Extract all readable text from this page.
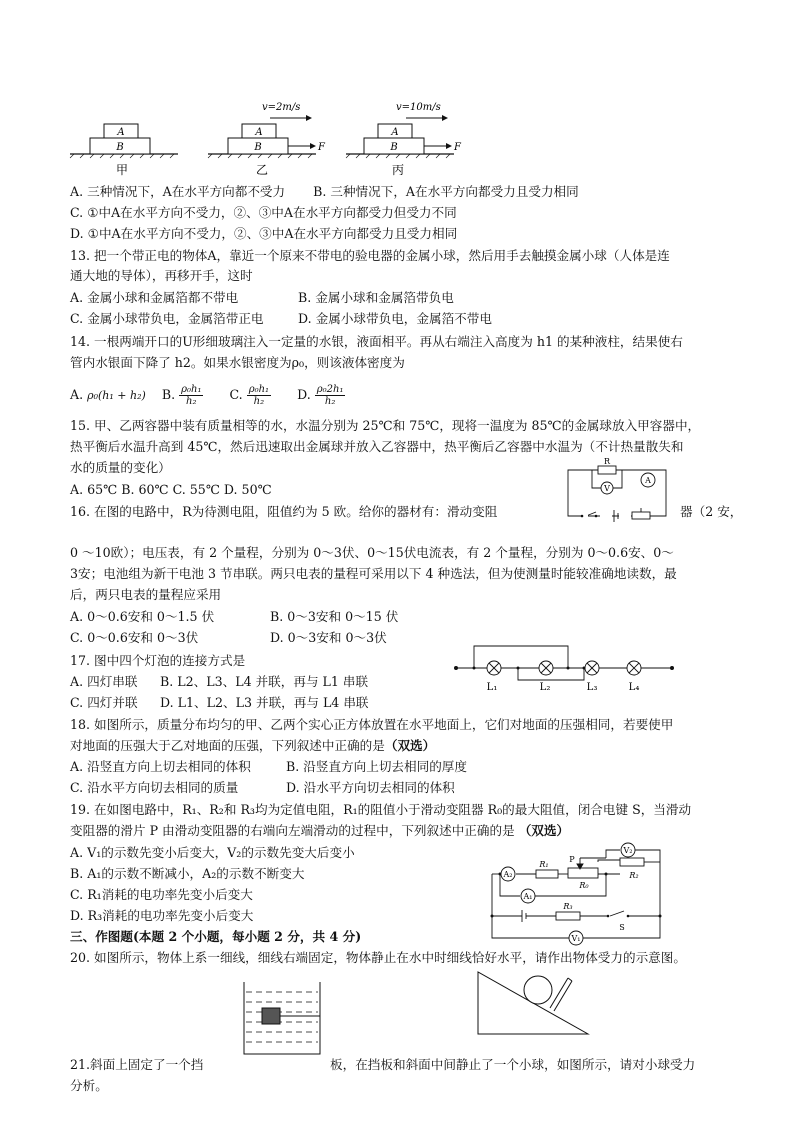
A
B
甲
A
B
v=2m/s
F
乙
A
B
v=10m/s
F
丙
A. 三种情况下，A在水平方向都不受力 B. 三种情况下，A在水平方向都受力且受力相同
C. ①中A在水平方向不受力，②、③中A在水平方向都受力但受力不同
D. ①中A在水平方向不受力，②、③中A在水平方向都受力且受力相同
13. 把一个带正电的物体A，靠近一个原来不带电的验电器的金属小球，然后用手去触摸金属小球（人体是连
通大地的导体），再移开手，这时
A. 金属小球和金属箔都不带电	B. 金属小球和金属箔带负电
C. 金属小球带负电，金属箔带正电	D. 金属小球带负电，金属箔不带电
14. 一根两端开口的U形细玻璃注入一定量的水银，液面相平。再从右端注入高度为 h1 的某种液柱，结果使右
管内水银面下降了 h2。如果水银密度为ρ₀，则该液体密度为
A. ρ₀(h₁ + h₂) B. $\frac{\text{ρ₀h₁}}{\text{h₂}} C$. $\frac{\text{ρ₀h₁}}{\text{h₂}} D$. $\frac{\text{ρ₀2h₁}}{\text{h₂}}$
15. 甲、乙两容器中装有质量相等的水，水温分别为 25℃和 75℃，现将一温度为 85℃的金属球放入甲容器中，
热平衡后水温升高到 45℃，然后迅速取出金属球并放入乙容器中，热平衡后乙容器中水温为（不计热量散失和
水的质量的变化）
A. 65℃ B. 60℃ C. 55℃ D. 50℃
R
V
A
16. 在图的电路中，R为待测电阻，阻值约为 5 欧。给你的器材有：滑动变阻	器（2 安，
0 ～10欧）；电压表，有 2 个量程，分别为 0～3伏、0～15伏电流表，有 2 个量程，分别为 0～0.6安、0～
3安；电池组为新干电池 3 节串联。两只电表的量程可采用以下 4 种选法，但为使测量时能较准确地读数，最
后，两只电表的量程应采用
A. 0～0.6安和 0～1.5 伏	B. 0～3安和 0～15 伏
C. 0～0.6安和 0～3伏	D. 0～3安和 0～3伏
17. 图中四个灯泡的连接方式是
A. 四灯串联 B. L2、L3、L4 并联，再与 L1 串联
C. 四灯并联 D. L1、L2、L3 并联，再与 L4 串联
L₁	L₂	L₃	L₄
18. 如图所示，质量分布均匀的甲、乙两个实心正方体放置在水平地面上，它们对地面的压强相同，若要使甲
对地面的压强大于乙对地面的压强，下列叙述中正确的是（双选）
A. 沿竖直方向上切去相同的体积	B. 沿竖直方向上切去相同的厚度
C. 沿水平方向切去相同的质量	D. 沿水平方向切去相同的体积
19. 在如图电路中，R₁、R₂和 R₃均为定值电阻，R₁的阻值小于滑动变阻器 R₀的最大阻值，闭合电键 S，当滑动
变阻器的滑片 P 由滑动变阻器的右端向左端滑动的过程中，下列叙述中正确的是 （双选）
A. V₁的示数先变小后变大，V₂的示数先变大后变小
B. A₁的示数不断减小，A₂的示数不断变大
C. R₁消耗的电功率先变小后变大
D. R₃消耗的电功率先变小后变大
A₂
A₁
R₁
P
R₀
V₂
R₂
R₃
S
V₁
三、作图题(本题 2 个小题，每小题 2 分，共 4 分)
20. 如图所示，物体上系一细线，细线右端固定，物体静止在水中时细线恰好水平，请作出物体受力的示意图。
21.斜面上固定了一个挡	板，在挡板和斜面中间静止了一个小球，如图所示，请对小球受力
分析。
